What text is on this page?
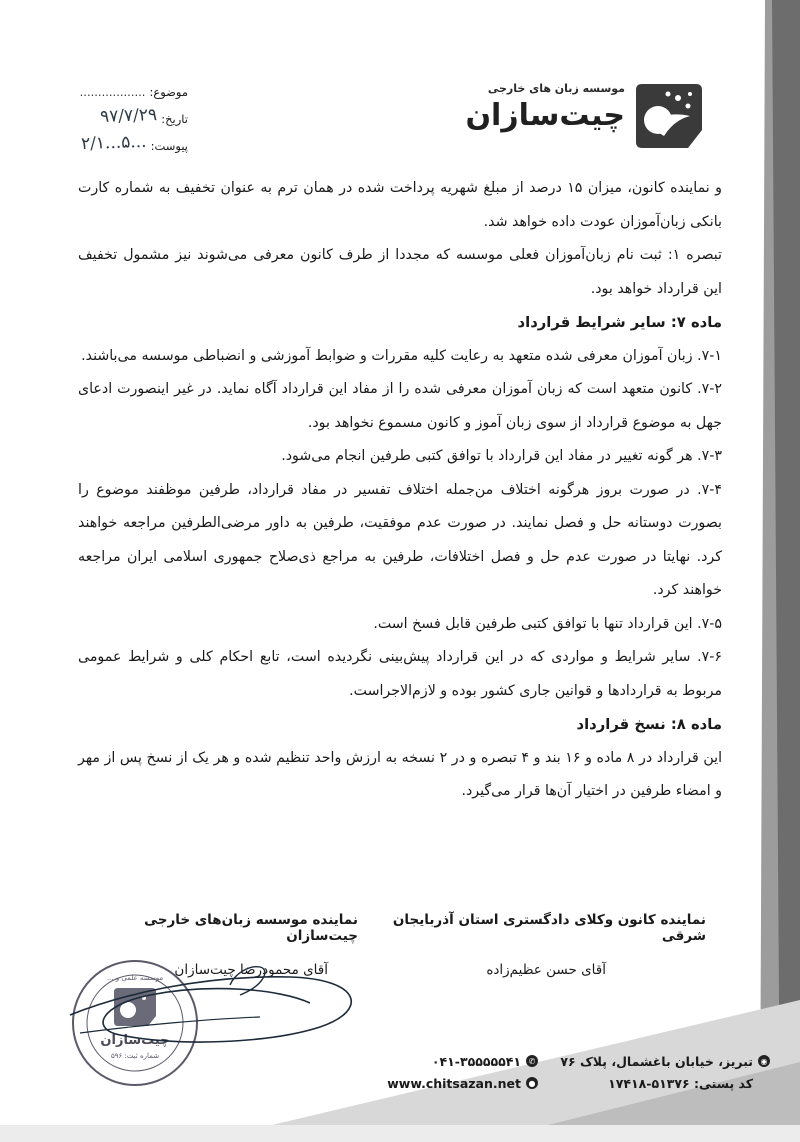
موسسه زبان های خارجی
چیت‌سازان
موضوع:
..................
تاریخ:
۹۷/۷/۲۹
پیوست:
۲/۱...۵...

و نماینده کانون، میزان ۱۵ درصد از مبلغ شهریه پرداخت شده در همان ترم به عنوان تخفیف به شماره کارت بانکی زبان‌آموزان عودت داده خواهد شد.

تبصره ۱: ثبت نام زبان‌آموزان فعلی موسسه که مجددا از طرف کانون معرفی می‌شوند نیز مشمول تخفیف این قرارداد خواهد بود.

ماده ۷: سایر شرایط قرارداد

۷-۱. زبان آموزان معرفی شده متعهد به رعایت کلیه مقررات و ضوابط آموزشی و انضباطی موسسه می‌باشند.

۷-۲. کانون متعهد است که زبان آموزان معرفی شده را از مفاد این قرارداد آگاه نماید. در غیر اینصورت ادعای جهل به موضوع قرارداد از سوی زبان آموز و کانون مسموع نخواهد بود.

۷-۳. هر گونه تغییر در مفاد این قرارداد با توافق کتبی طرفین انجام می‌شود.

۷-۴. در صورت بروز هرگونه اختلاف من‌جمله اختلاف تفسیر در مفاد قرارداد، طرفین موظفند موضوع را بصورت دوستانه حل و فصل نمایند. در صورت عدم موفقیت، طرفین به داور مرضی‌الطرفین مراجعه خواهند کرد. نهایتا در صورت عدم حل و فصل اختلافات، طرفین به مراجع ذی‌صلاح جمهوری اسلامی ایران مراجعه خواهند کرد.

۷-۵. این قرارداد تنها با توافق کتبی طرفین قابل فسخ است.

۷-۶. سایر شرایط و مواردی که در این قرارداد پیش‌بینی نگردیده است، تابع احکام کلی و شرایط عمومی مربوط به قراردادها و قوانین جاری کشور بوده و لازم‌الاجراست.

ماده ۸: نسخ قرارداد

این قرارداد در ۸ ماده و ۱۶ بند و ۴ تبصره و در ۲ نسخه به ارزش واحد تنظیم شده و هر یک از نسخ پس از مهر و امضاء طرفین در اختیار آن‌ها قرار می‌گیرد.

نماینده کانون وکلای دادگستری استان آذربایجان شرقی
آقای حسن عظیم‌زاده
نماینده موسسه زبان‌های خارجی چیت‌سازان
آقای محمودرضا چیت‌سازان
موسسه علمی و ...
چیت‌سازان
شماره ثبت: ۵۹۶	۰۴۱-۳۵۵۵۵۵۴۱ ✆
www.chitsazan.net ●
◉
تبریز، خیابان باغشمال، پلاک ۷۶
کد پستی: ۵۱۳۷۶-۱۷۴۱۸
